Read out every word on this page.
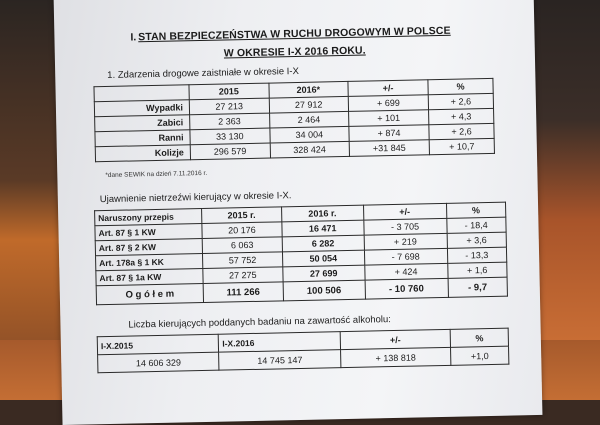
I. STAN BEZPIECZEŃSTWA W RUCHU DROGOWYM W POLSCE
W OKRESIE I-X 2016 ROKU.
1. Zdarzenia drogowe zaistniałe w okresie I-X
	2015	2016*	+/-	%
Wypadki	27 213	27 912	+ 699	+ 2,6
Zabici	2 363	2 464	+ 101	+ 4,3
Ranni	33 130	34 004	+ 874	+ 2,6
Kolizje	296 579	328 424	+31 845	+ 10,7
*dane SEWIK na dzień 7.11.2016 r.
Ujawnienie nietrzeźwi kierujący w okresie I-X.
Naruszony przepis	2015 r.	2016 r.	+/-	%
Art. 87 § 1 KW	20 176	16 471	- 3 705	- 18,4
Art. 87 § 2 KW	6 063	6 282	+ 219	+ 3,6
Art. 178a § 1 KK	57 752	50 054	- 7 698	- 13,3
Art. 87 § 1a KW	27 275	27 699	+ 424	+ 1,6
O g ó ł e m	111 266	100 506	- 10 760	- 9,7
Liczba kierujących poddanych badaniu na zawartość alkoholu:
I-X.2015	I-X.2016	+/-	%
14 606 329	14 745 147	+ 138 818	+1,0
